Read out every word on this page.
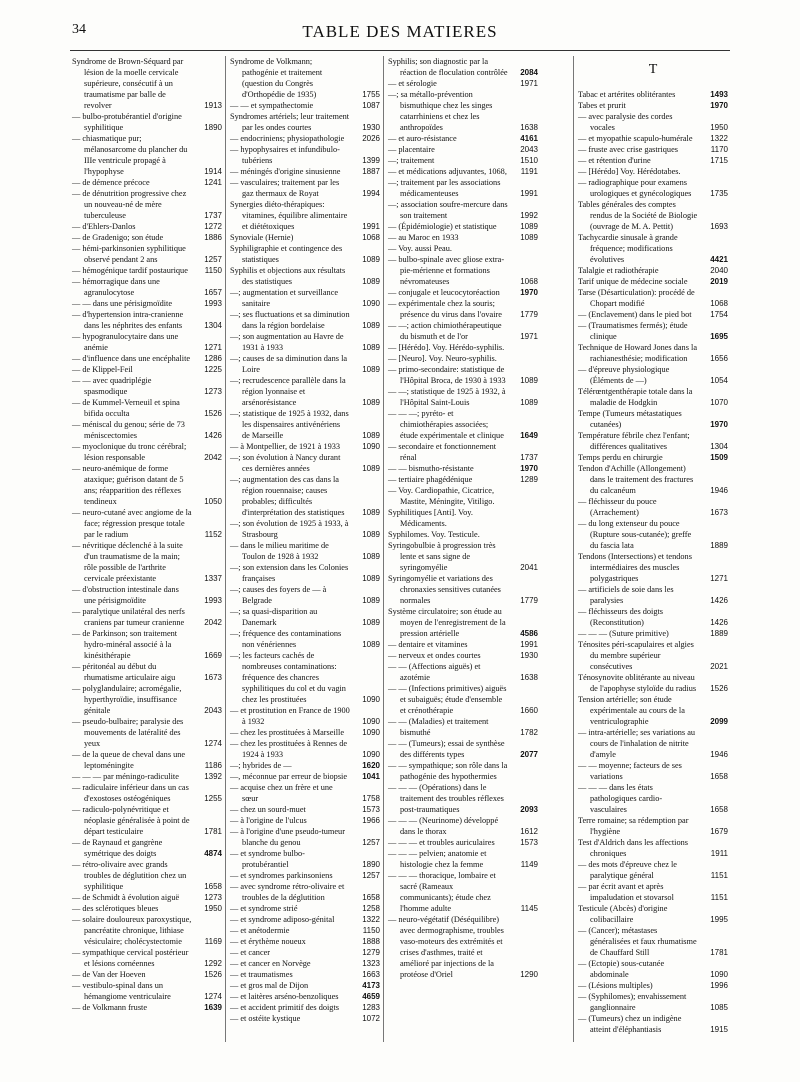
34	TABLE DES MATIERES
Syndrome de Brown-Séquard par lésion de la moelle cervicale supérieure, consécutif à un traumatisme par balle de revolver	1913
— bulbo-protubérantiel d'origine syphilitique	1890
— chiasmatique pur; mélanosarcome du plancher du IIIe ventricule propagé à l'hypophyse	1914
— de démence précoce	1241
— de dénutrition progressive chez un nouveau-né de mère tuberculeuse	1737
— d'Ehlers-Danlos	1272
— de Gradenigo; son étude	1886
— hémi-parkinsonien syphilitique observé pendant 2 ans	1257
— hémogénique tardif postaurique 1150
— hémorragique dans une agranulocytose	1657
— — dans une périsigmoïdite	1993
— d'hypertension intra-cranienne dans les néphrites des enfants	1304
— hypogranulocytaire dans une anémie	1271
— d'influence dans une encéphalite 1286
— de Klippel-Feil	1225
— — avec quadriplégie spasmodique	1273
— de Kummel-Verneuil et spina bifida occulta	1526
— méniscal du genou; série de 73 méniscectomies	1426
— myoclonique du tronc cérébral; lésion responsable	2042
— neuro-anémique de forme ataxique; guérison datant de 5 ans; réapparition des réflexes tendineux	1050
— neuro-cutané avec angiome de la face; régression presque totale par le radium	1152
— névritique déclenché à la suite d'un traumatisme de la main; rôle possible de l'arthrite cervicale préexistante	1337
— d'obstruction intestinale dans une périsigmoïdite	1993
— paralytique unilatéral des nerfs craniens par tumeur cranienne	2042
— de Parkinson; son traitement hydro-minéral associé à la kinésithérapie	1669
— péritonéal au début du rhumatisme articulaire aigu	1673
— polyglandulaire; acromégalie, hyperthyroïdie, insuffisance génitale	2043
— pseudo-bulbaire; paralysie des mouvements de latéralité des yeux	1274
— de la queue de cheval dans une leptoméningite	1186
— — — par méningo-radiculite	1392
— radiculaire inférieur dans un cas d'exostoses ostéogéniques	1255
— radiculo-polynévritique et néoplasie généralisée à point de départ testiculaire	1781
— de Raynaud et gangrène symétrique des doigts	4874
— rétro-olivaire avec grands troubles de déglutition chez un syphilitique	1658
— de Schmidt à évolution aiguë	1273
— des sclérotiques bleues	1950
— solaire douloureux paroxystique, pancréatite chronique, lithiase vésiculaire; cholécystectomie	1169
— sympathique cervical postérieur et lésions cornéennes	1292
— de Van der Hoeven	1526
— vestibulo-spinal dans un hémangiome ventriculaire	1274
— de Volkmann fruste	1639
Syndrome de Volkmann; pathogénie et traitement (question du Congrès d'Orthopédie de 1935)	1755
— — et sympathectomie	1087
Syndromes artériels; leur traitement par les ondes courtes	1930
— endocriniens; physiopathologie 2026
— hypophysaires et infundibulo-tubériens	1399
— méningés d'origine sinusienne	1887
— vasculaires; traitement par les gaz thermaux de Royat	1994
Synergies diéto-thérapiques: vitamines, équilibre alimentaire et diététoxiques	1991
Synoviale (Hernie)	1068
Syphiligraphie et contingence des statistiques	1089
Syphilis et objections aux résultats des statistiques	1089
—; augmentation et surveillance sanitaire	1090
—; ses fluctuations et sa diminution dans la région bordelaise	1089
—; son augmentation au Havre de 1931 à 1933	1089
—; causes de sa diminution dans la Loire	1089
—; recrudescence parallèle dans la région lyonnaise et arsénorésistance	1089
—; statistique de 1925 à 1932, dans les dispensaires antivénériens de Marseille	1089
— à Montpellier, de 1921 à 1933	1090
—; son évolution à Nancy durant ces dernières années	1089
—; augmentation des cas dans la région rouennaise; causes probables; difficultés d'interprétation des statistiques 1089
—; son évolution de 1925 à 1933, à Strasbourg	1089
— dans le milieu maritime de Toulon de 1928 à 1932	1089
—; son extension dans les Colonies françaises	1089
—; causes des foyers de — à Belgrade	1089
—; sa quasi-disparition au Danemark	1089
—; fréquence des contaminations non vénériennes	1089
—; les facteurs cachés de nombreuses contaminations: fréquence des chancres syphilitiques du col et du vagin chez les prostituées	1090
— et prostitution en France de 1900 à 1932	1090
— chez les prostituées à Marseille 1090
— chez les prostituées à Rennes de 1924 à 1933	1090
—; hybrides de —	1620
—, méconnue par erreur de biopsie 1041
— acquise chez un frère et une sœur	1758
— chez un sourd-muet	1573
— à l'origine de l'ulcus	1966
— à l'origine d'une pseudo-tumeur blanche du genou	1257
— et syndrome bulbo-protubérantiel	1890
— et syndromes parkinsoniens	1257
— avec syndrome rétro-olivaire et troubles de la déglutition	1658
— et syndrome strié	1258
— et syndrome adiposo-génital	1322
— et anétodermie	1150
— et érythème noueux	1888
— et cancer	1279
— et cancer en Norvège	1323
— et traumatismes	1663
— et gros mal de Dijon	4173
— et laitères arséno-benzoliques	4659
— et accident primitif des doigts	1283
— et ostéite kystique	1072
Syphilis; son diagnostic par la réaction de floculation contrôlée 2084
— et sérologie	1971
—; sa métallo-prévention bismuthique chez les singes catarrhiniens et chez les anthropoïdes	1638
— et auro-résistance	4161
— placentaire	2043
—; traitement	1510
— et médications adjuvantes, 1068, 1191
—; traitement par les associations médicamenteuses	1991
—; association soufre-mercure dans son traitement	1992
— (Épidémiologie) et statistique	1089
— au Maroc en 1933	1089
— Voy. aussi Peau.
— bulbo-spinale avec gliose extra-pie-mérienne et formations névromateuses	1068
— conjugale et leucocytoréaction	1970
— expérimentale chez la souris; présence du virus dans l'ovaire 1779
— —; action chimiothérapeutique du bismuth et de l'or	1971
— [Hérédo]. Voy. Hérédo-syphilis.
— [Neuro]. Voy. Neuro-syphilis.
— primo-secondaire: statistique de l'Hôpital Broca, de 1930 à 1933 1089
— —; statistique de 1925 à 1932, à l'Hôpital Saint-Louis	1089
— — —; pyréto- et chimiothérapies associées; étude expérimentale et clinique 1649
— secondaire et fonctionnement rénal	1737
— — bismutho-résistante	1970
— tertiaire phagédénique	1289
— Voy. Cardiopathie, Cicatrice, Mastite, Méningite, Vitiligo.
Syphilitiques [Anti]. Voy. Médicaments.
Syphilomes. Voy. Testicule.
Syringobulbie à progression très lente et sans signe de syringomyélie	2041
Syringomyélie et variations des chronaxies sensitives cutanées normales	1779
Système circulatoire; son étude au moyen de l'enregistrement de la pression artérielle	4586
— dentaire et vitamines	1991
— nerveux et ondes courtes	1930
— — (Affections aiguës) et azotémie	1638
— — (Infections primitives) aiguës et subaiguës; étude d'ensemble et crénothérapie	1660
— — (Maladies) et traitement bismuthé	1782
— — (Tumeurs); essai de synthèse des différents types	2077
— — sympathique; son rôle dans la pathogénie des hypothermies
— — — (Opérations) dans le traitement des troubles réflexes post-traumatiques	2093
— — — (Neurinome) développé dans le thorax	1612
— — — et troubles auriculaires	1573
— — — pelvien; anatomie et histologie chez la femme	1149
— — — thoracique, lombaire et sacré (Rameaux communicants); étude chez l'homme adulte	1145
— neuro-végétatif (Déséquilibre) avec dermographisme, troubles vaso-moteurs des extrémités et crises d'asthmes, traité et amélioré par injections de la protéose d'Oriel	1290
T
Tabac et artérites oblitérantes	1493
Tabes et prurit	1970
— avec paralysie des cordes vocales	1950
— et myopathie scapulo-humérale 1322
— fruste avec crise gastriques	1170
— et rétention d'urine	1715
— [Hérédo] Voy. Hérédotabes.
— radiographique pour examens urologiques et gynécologiques 1735
Tables générales des comptes rendus de la Société de Biologie (ouvrage de M. A. Pettit)	1693
Tachycardie sinusale à grande fréquence; modifications évolutives	4421
Talalgie et radiothérapie	2040
Tarif unique de médecine sociale	2019
Tarse (Désarticulation): procédé de Chopart modifié	1068
— (Enclavement) dans le pied bot 1754
— (Traumatismes fermés); étude clinique	1695
Technique de Howard Jones dans la rachianesthésie; modification	1656
— d'épreuve physiologique (Éléments de —)	1054
Télérœntgenthérapie totale dans la maladie de Hodgkin	1070
Tempe (Tumeurs métastatiques cutanées)	1970
Température fébrile chez l'enfant; différences qualitatives	1304
Temps perdu en chirurgie	1509
Tendon d'Achille (Allongement) dans le traitement des fractures du calcanéum	1946
— fléchisseur du pouce (Arrachement)	1673
— du long extenseur du pouce (Rupture sous-cutanée); greffe du fascia lata	1889
Tendons (Intersections) et tendons intermédiaires des muscles polygastriques	1271
— artificiels de soie dans les paralysies	1426
— fléchisseurs des doigts (Reconstitution)	1426
— — — (Suture primitive)	1889
Ténosites péri-scapulaires et algies du membre supérieur consécutives	2021
Ténosynovite oblitérante au niveau de l'apophyse styloïde du radius 1526
Tension artérielle; son étude expérimentale au cours de la ventriculographie	2099
— intra-artérielle; ses variations au cours de l'inhalation de nitrite d'amyle	1946
— — moyenne; facteurs de ses variations	1658
— — — dans les états pathologiques cardio-vasculaires	1658
Terre romaine; sa rédemption par l'hygiène	1679
Test d'Aldrich dans les affections chroniques	1911
— des mots d'épreuve chez le paralytique général	1151
— par écrit avant et après impaludation et stovarsol	1151
Testicule (Abcès) d'origine colibacillaire	1995
— (Cancer); métastases généralisées et faux rhumatisme de Chauffard Still	1781
— (Ectopie) sous-cutanée abdominale	1090
— (Lésions multiples)	1996
— (Syphilomes); envahissement ganglionnaire	1085
— (Tumeurs) chez un indigène atteint d'éléphantiasis	1915
